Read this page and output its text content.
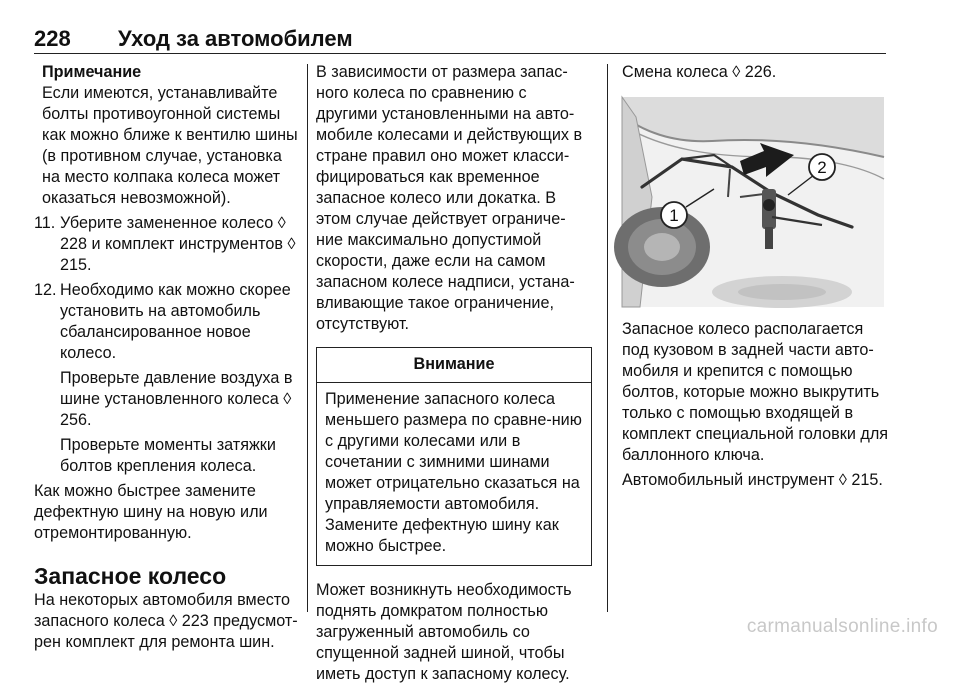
228 Уход за автомобилем
Примечание
Если имеются, устанавливайте болты противоугонной системы как можно ближе к вентилю шины (в противном случае, установка на место колпака колеса может оказаться невозможной).
11. Уберите замененное колесо ◊ 228 и комплект инструментов ◊ 215.

12. Необходимо как можно скорее установить на автомобиль сбалансированное новое колесо.

Проверьте давление воздуха в шине установленного колеса ◊ 256.

Проверьте моменты затяжки болтов крепления колеса.

Как можно быстрее замените дефектную шину на новую или отремонтированную.

Запасное колесо

На некоторых автомобиля вместо запасного колеса ◊ 223 предусмот-рен комплект для ремонта шин.

В зависимости от размера запас-ного колеса по сравнению с другими установленными на авто-мобиле колесами и действующих в стране правил оно может класси-фицироваться как временное запасное колесо или докатка. В этом случае действует ограниче-ние максимально допустимой скорости, даже если на самом запасном колесе надписи, устана-вливающие такое ограничение, отсутствуют.

Внимание
Применение запасного колеса меньшего размера по сравне-нию с другими колесами или в сочетании с зимними шинами может отрицательно сказаться на управляемости автомобиля. Замените дефектную шину как можно быстрее.

Может возникнуть необходимость поднять домкратом полностью загруженный автомобиль со спущенной задней шиной, чтобы иметь доступ к запасному колесу.

Смена колеса ◊ 226.

1
2

Запасное колесо располагается под кузовом в задней части авто-мобиля и крепится с помощью болтов, которые можно выкрутить только с помощью входящей в комплект специальной головки для баллонного ключа.

Автомобильный инструмент ◊ 215.

carmanualsonline.info
